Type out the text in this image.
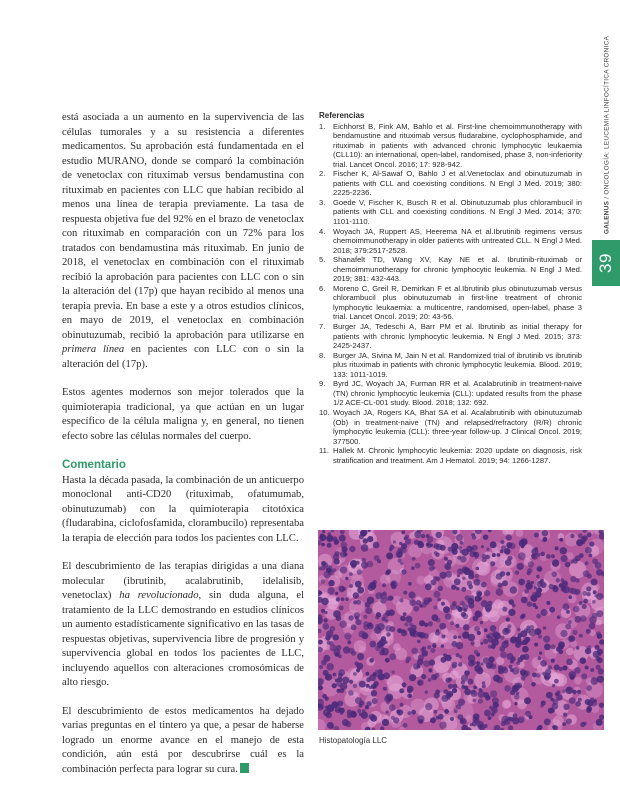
está asociada a un aumento en la supervivencia de las células tumorales y a su resistencia a diferentes medicamentos. Su aprobación está fundamentada en el estudio MURANO, donde se comparó la combinación de venetoclax con rituximab versus bendamustina con rituximab en pacientes con LLC que habían recibido al menos una línea de terapia previamente. La tasa de respuesta objetiva fue del 92% en el brazo de venetoclax con rituximab en comparación con un 72% para los tratados con bendamustina más rituximab. En junio de 2018, el venetoclax en combinación con el rituximab recibió la aprobación para pacientes con LLC con o sin la alteración del (17p) que hayan recibido al menos una terapia previa. En base a este y a otros estudios clínicos, en mayo de 2019, el venetoclax en combinación obinutuzumab, recibió la aprobación para utilizarse en primera línea en pacientes con LLC con o sin la alteración del (17p).

Estos agentes modernos son mejor tolerados que la quimioterapia tradicional, ya que actúan en un lugar específico de la célula maligna y, en general, no tienen efecto sobre las células normales del cuerpo.

Comentario

Hasta la década pasada, la combinación de un anticuerpo monoclonal anti-CD20 (rituximab, ofatumumab, obinutuzumab) con la quimioterapia citotóxica (fludarabina, ciclofosfamida, clorambucilo) representaba la terapia de elección para todos los pacientes con LLC.

El descubrimiento de las terapias dirigidas a una diana molecular (ibrutinib, acalabrutinib, idelalisib, venetoclax) ha revolucionado, sin duda alguna, el tratamiento de la LLC demostrando en estudios clínicos un aumento estadísticamente significativo en las tasas de respuestas objetivas, supervivencia libre de progresión y supervivencia global en todos los pacientes de LLC, incluyendo aquellos con alteraciones cromosómicas de alto riesgo.

El descubrimiento de estos medicamentos ha dejado varias preguntas en el tintero ya que, a pesar de haberse logrado un enorme avance en el manejo de esta condición, aún está por descubrirse cuál es la combinación perfecta para lograr su cura.

Referencias
1.	Eichhorst B, Fink AM, Bahlo et al. First-line chemoimmunotherapy with bendamustine and rituximab versus fludarabine, cyclophosphamide, and rituximab in patients with advanced chronic lymphocytic leukaemia (CLL10): an international, open-label, randomised, phase 3, non-inferiority trial. Lancet Oncol. 2016; 17: 928-942.
2.	Fischer K, Al-Sawaf O, Bahlo J et al.Venetoclax and obinutuzumab in patients with CLL and coexisting conditions. N Engl J Med. 2019; 380: 2225-2236.
3.	Goede V, Fischer K, Busch R et al. Obinutuzumab plus chlorambucil in patients with CLL and coexisting conditions. N Engl J Med. 2014; 370: 1101-1110.
4.	Woyach JA, Ruppert AS, Heerema NA et al.Ibrutinib regimens versus chemoimmunotherapy in older patients with untreated CLL. N Engl J Med. 2018; 379:2517-2528.
5.	Shanafelt TD, Wang XV, Kay NE et al. Ibrutinib-rituximab or chemoimmunotherapy for chronic lymphocytic leukemia. N Engl J Med. 2019; 381: 432-443.
6.	Moreno C, Greil R, Demirkan F et al.Ibrutinib plus obinutuzumab versus chlorambucil plus obinutuzumab in first-line treatment of chronic lymphocytic leukaemia: a multicentre, randomised, open-label, phase 3 trial. Lancet Oncol. 2019; 20: 43-56.
7.	Burger JA, Tedeschi A, Barr PM et al. Ibrutinib as initial therapy for patients with chronic lymphocytic leukemia. N Engl J Med. 2015; 373: 2425-2437.
8.	Burger JA, Sivina M, Jain N et al. Randomized trial of ibrutinib vs ibrutinib plus rituximab in patients with chronic lymphocytic leukemia. Blood. 2019; 133: 1011-1019.
9.	Byrd JC, Woyach JA, Furman RR et al. Acalabrutinib in treatment-naive (TN) chronic lymphocytic leukemia (CLL): updated results from the phase 1/2 ACE-CL-001 study. Blood. 2018; 132: 692.
10. Woyach JA, Rogers KA, Bhat SA et al. Acalabrutinib with obinutuzumab (Ob) in treatment-naive (TN) and relapsed/refractory (R/R) chronic lymphocytic leukemia (CLL): three-year follow-up. J Clinical Oncol. 2019; 377500.
11. Hallek M. Chronic lymphocytic leukemia: 2020 update on diagnosis, risk stratification and treatment. Am J Hematol. 2019; 94: 1266-1287.
Histopatología LLC
GALENUS / ONCOLOGÍA: LEUCEMIA LINFOCÍTICA CRÓNICA
39
